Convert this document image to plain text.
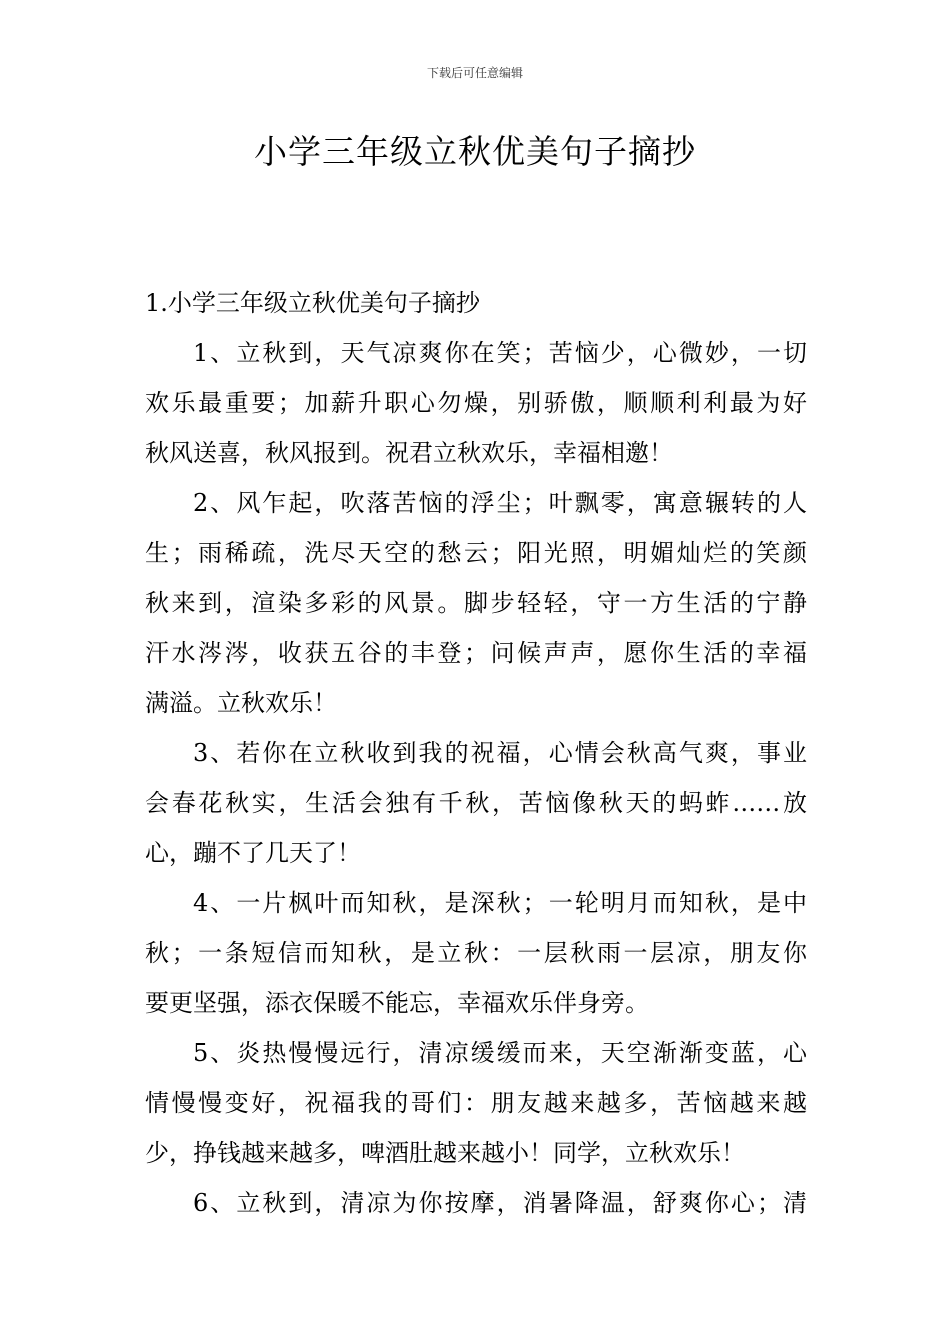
下载后可任意编辑
小学三年级立秋优美句子摘抄
1.小学三年级立秋优美句子摘抄
1、立秋到，天气凉爽你在笑；苦恼少，心微妙，一切
欢乐最重要；加薪升职心勿燥，别骄傲，顺顺利利最为好
秋风送喜，秋风报到。祝君立秋欢乐，幸福相邀！
2、风乍起，吹落苦恼的浮尘；叶飘零，寓意辗转的人
生；雨稀疏，洗尽天空的愁云；阳光照，明媚灿烂的笑颜
秋来到，渲染多彩的风景。脚步轻轻，守一方生活的宁静
汗水涔涔，收获五谷的丰登；问候声声，愿你生活的幸福
满溢。立秋欢乐！
3、若你在立秋收到我的祝福，心情会秋高气爽，事业
会春花秋实，生活会独有千秋，苦恼像秋天的蚂蚱……放
心，蹦不了几天了！
4、一片枫叶而知秋，是深秋；一轮明月而知秋，是中
秋；一条短信而知秋，是立秋：一层秋雨一层凉，朋友你
要更坚强，添衣保暖不能忘，幸福欢乐伴身旁。
5、炎热慢慢远行，清凉缓缓而来，天空渐渐变蓝，心
情慢慢变好，祝福我的哥们：朋友越来越多，苦恼越来越
少，挣钱越来越多，啤酒肚越来越小！同学，立秋欢乐！
6、立秋到，清凉为你按摩，消暑降温，舒爽你心；清
